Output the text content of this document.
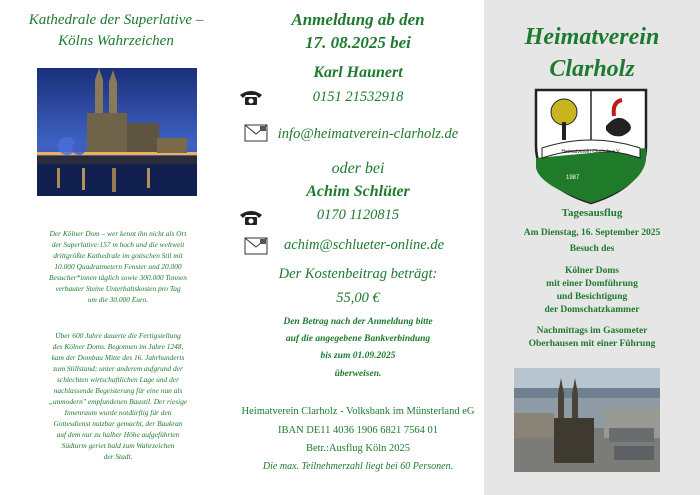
Kathedrale der Superlative –
Kölns Wahrzeichen
Der Kölner Dom – wer kennt ihn nicht als Ort
der Superlative:157 m hoch und die weltweit
drittgrößte Kathedrale im gotischen Stil mit
10.000 Quadratmetern Fenster und 20.000
Besucher*innen täglich sowie 300.000 Tonnen
verbauter Steine Unterhaltskosten pro Tag
um die 30.000 Euro.
Über 600 Jahre dauerte die Fertigstellung
des Kölner Doms. Begonnen im Jahre 1248,
kam der Dombau Mitte des 16. Jahrhunderts
zum Stillstand; unter anderem aufgrund der
schlechten wirtschaftlichen Lage und der
nachlassende Begeisterung für eine nun als
„unmodern" empfundenen Baustil. Der riesige
Innenraum wurde notdürftig für den
Gottesdienst nutzbar gemacht, der Baukran
auf dem nur zu halber Höhe aufgeführten
Südturm geriet bald zum Wahrzeichen
der Stadt.
Anmeldung ab den
17. 08.2025 bei
Karl Haunert
0151 21532918
info@heimatverein-clarholz.de
oder bei
Achim Schlüter
0170 1120815
achim@schlueter-online.de
Der Kostenbeitrag beträgt:
55,00 €
Den Betrag nach der Anmeldung bitte
auf die angegebene Bankverbindung
bis zum 01.09.2025
überweisen.
Heimatverein Clarholz - Volksbank im Münsterland eG
IBAN DE11 4036 1906 6821 7564 01
Betr.:Ausflug Köln 2025
Die max. Teilnehmerzahl liegt bei 60 Personen.
Heimatverein
Clarholz
Heimatverein Clarholz e.V.
1987
Tagesausflug
Am Dienstag, 16. September 2025
Besuch des
Kölner Doms
mit einer Domführung
und Besichtigung
der Domschatzkammer
Nachmittags im Gasometer
Oberhausen mit einer Führung
